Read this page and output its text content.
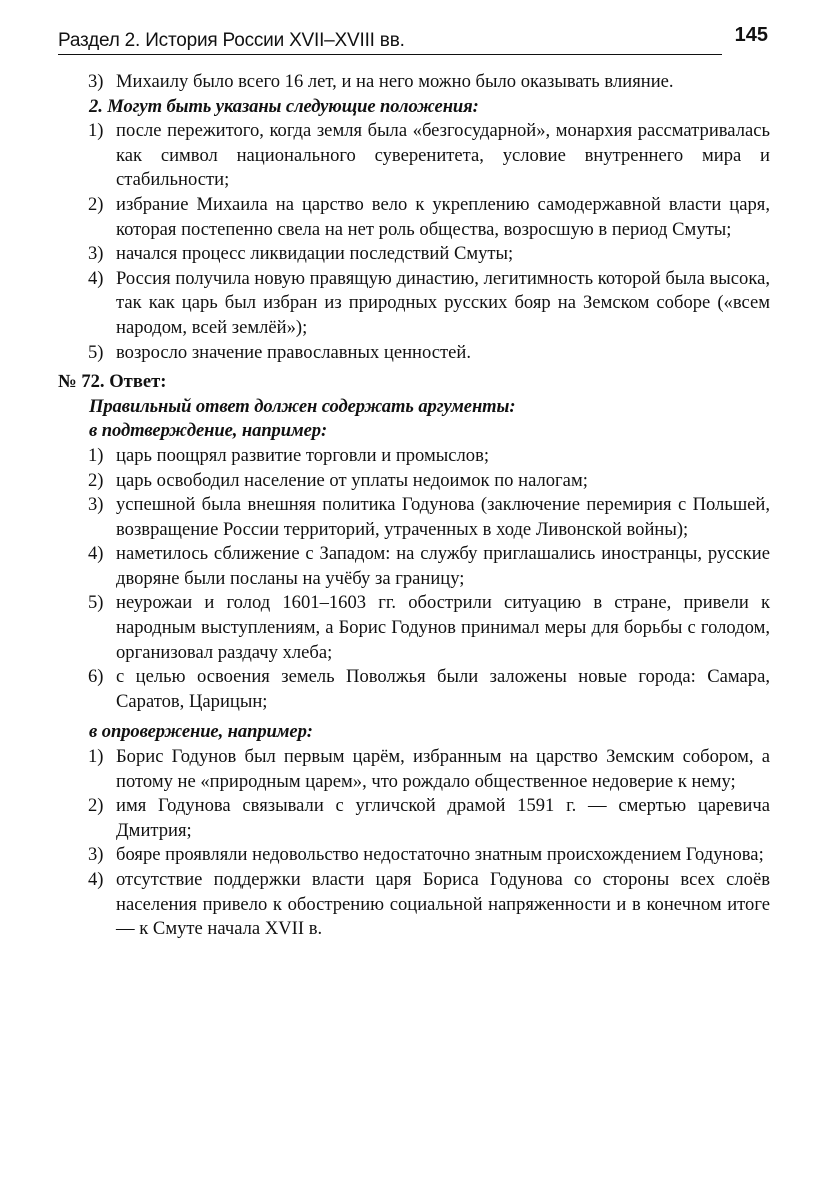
Раздел 2. История России XVII–XVIII вв.	145
3) Михаилу было всего 16 лет, и на него можно было оказывать влияние.
2. Могут быть указаны следующие положения:
1) после пережитого, когда земля была «безгосударной», монархия рассматривалась как символ национального суверенитета, условие внутреннего мира и стабильности;
2) избрание Михаила на царство вело к укреплению самодержавной власти царя, которая постепенно свела на нет роль общества, возросшую в период Смуты;
3) начался процесс ликвидации последствий Смуты;
4) Россия получила новую правящую династию, легитимность которой была высока, так как царь был избран из природных русских бояр на Земском соборе («всем народом, всей землёй»);
5) возросло значение православных ценностей.
№ 72. Ответ:
Правильный ответ должен содержать аргументы:
в подтверждение, например:
1) царь поощрял развитие торговли и промыслов;
2) царь освободил население от уплаты недоимок по налогам;
3) успешной была внешняя политика Годунова (заключение перемирия с Польшей, возвращение России территорий, утраченных в ходе Ливонской войны);
4) наметилось сближение с Западом: на службу приглашались иностранцы, русские дворяне были посланы на учёбу за границу;
5) неурожаи и голод 1601–1603 гг. обострили ситуацию в стране, привели к народным выступлениям, а Борис Годунов принимал меры для борьбы с голодом, организовал раздачу хлеба;
6) с целью освоения земель Поволжья были заложены новые города: Самара, Саратов, Царицын;
в опровержение, например:
1) Борис Годунов был первым царём, избранным на царство Земским собором, а потому не «природным царем», что рождало общественное недоверие к нему;
2) имя Годунова связывали с угличской драмой 1591 г. — смертью царевича Дмитрия;
3) бояре проявляли недовольство недостаточно знатным происхождением Годунова;
4) отсутствие поддержки власти царя Бориса Годунова со стороны всех слоёв населения привело к обострению социальной напряженности и в конечном итоге — к Смуте начала XVII в.
